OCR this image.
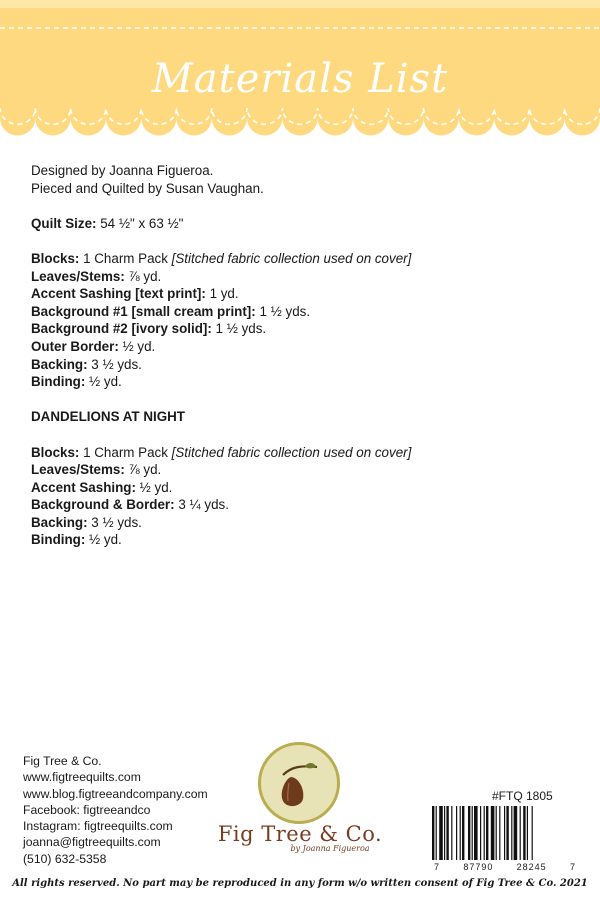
Materials List
Designed by Joanna Figueroa.
Pieced and Quilted by Susan Vaughan.
Quilt Size: 54 ½" x 63 ½"
Blocks: 1 Charm Pack [Stitched fabric collection used on cover]
Leaves/Stems: ⅞ yd.
Accent Sashing [text print]: 1 yd.
Background #1 [small cream print]: 1 ½ yds.
Background #2 [ivory solid]: 1 ½ yds.
Outer Border: ½ yd.
Backing: 3 ½ yds.
Binding: ½ yd.
DANDELIONS AT NIGHT
Blocks: 1 Charm Pack [Stitched fabric collection used on cover]
Leaves/Stems: ⅞ yd.
Accent Sashing: ½ yd.
Background & Border: 3 ¼ yds.
Backing: 3 ½ yds.
Binding: ½ yd.
Fig Tree & Co.
www.figtreequilts.com
www.blog.figtreeandcompany.com
Facebook: figtreeandco
Instagram: figtreequilts.com
joanna@figtreequilts.com
(510) 632-5358
Fig Tree & Co.
by Joanna Figueroa
#FTQ 1805
7	87790	28245	7
All rights reserved. No part may be reproduced in any form w/o written consent of Fig Tree & Co. 2021
